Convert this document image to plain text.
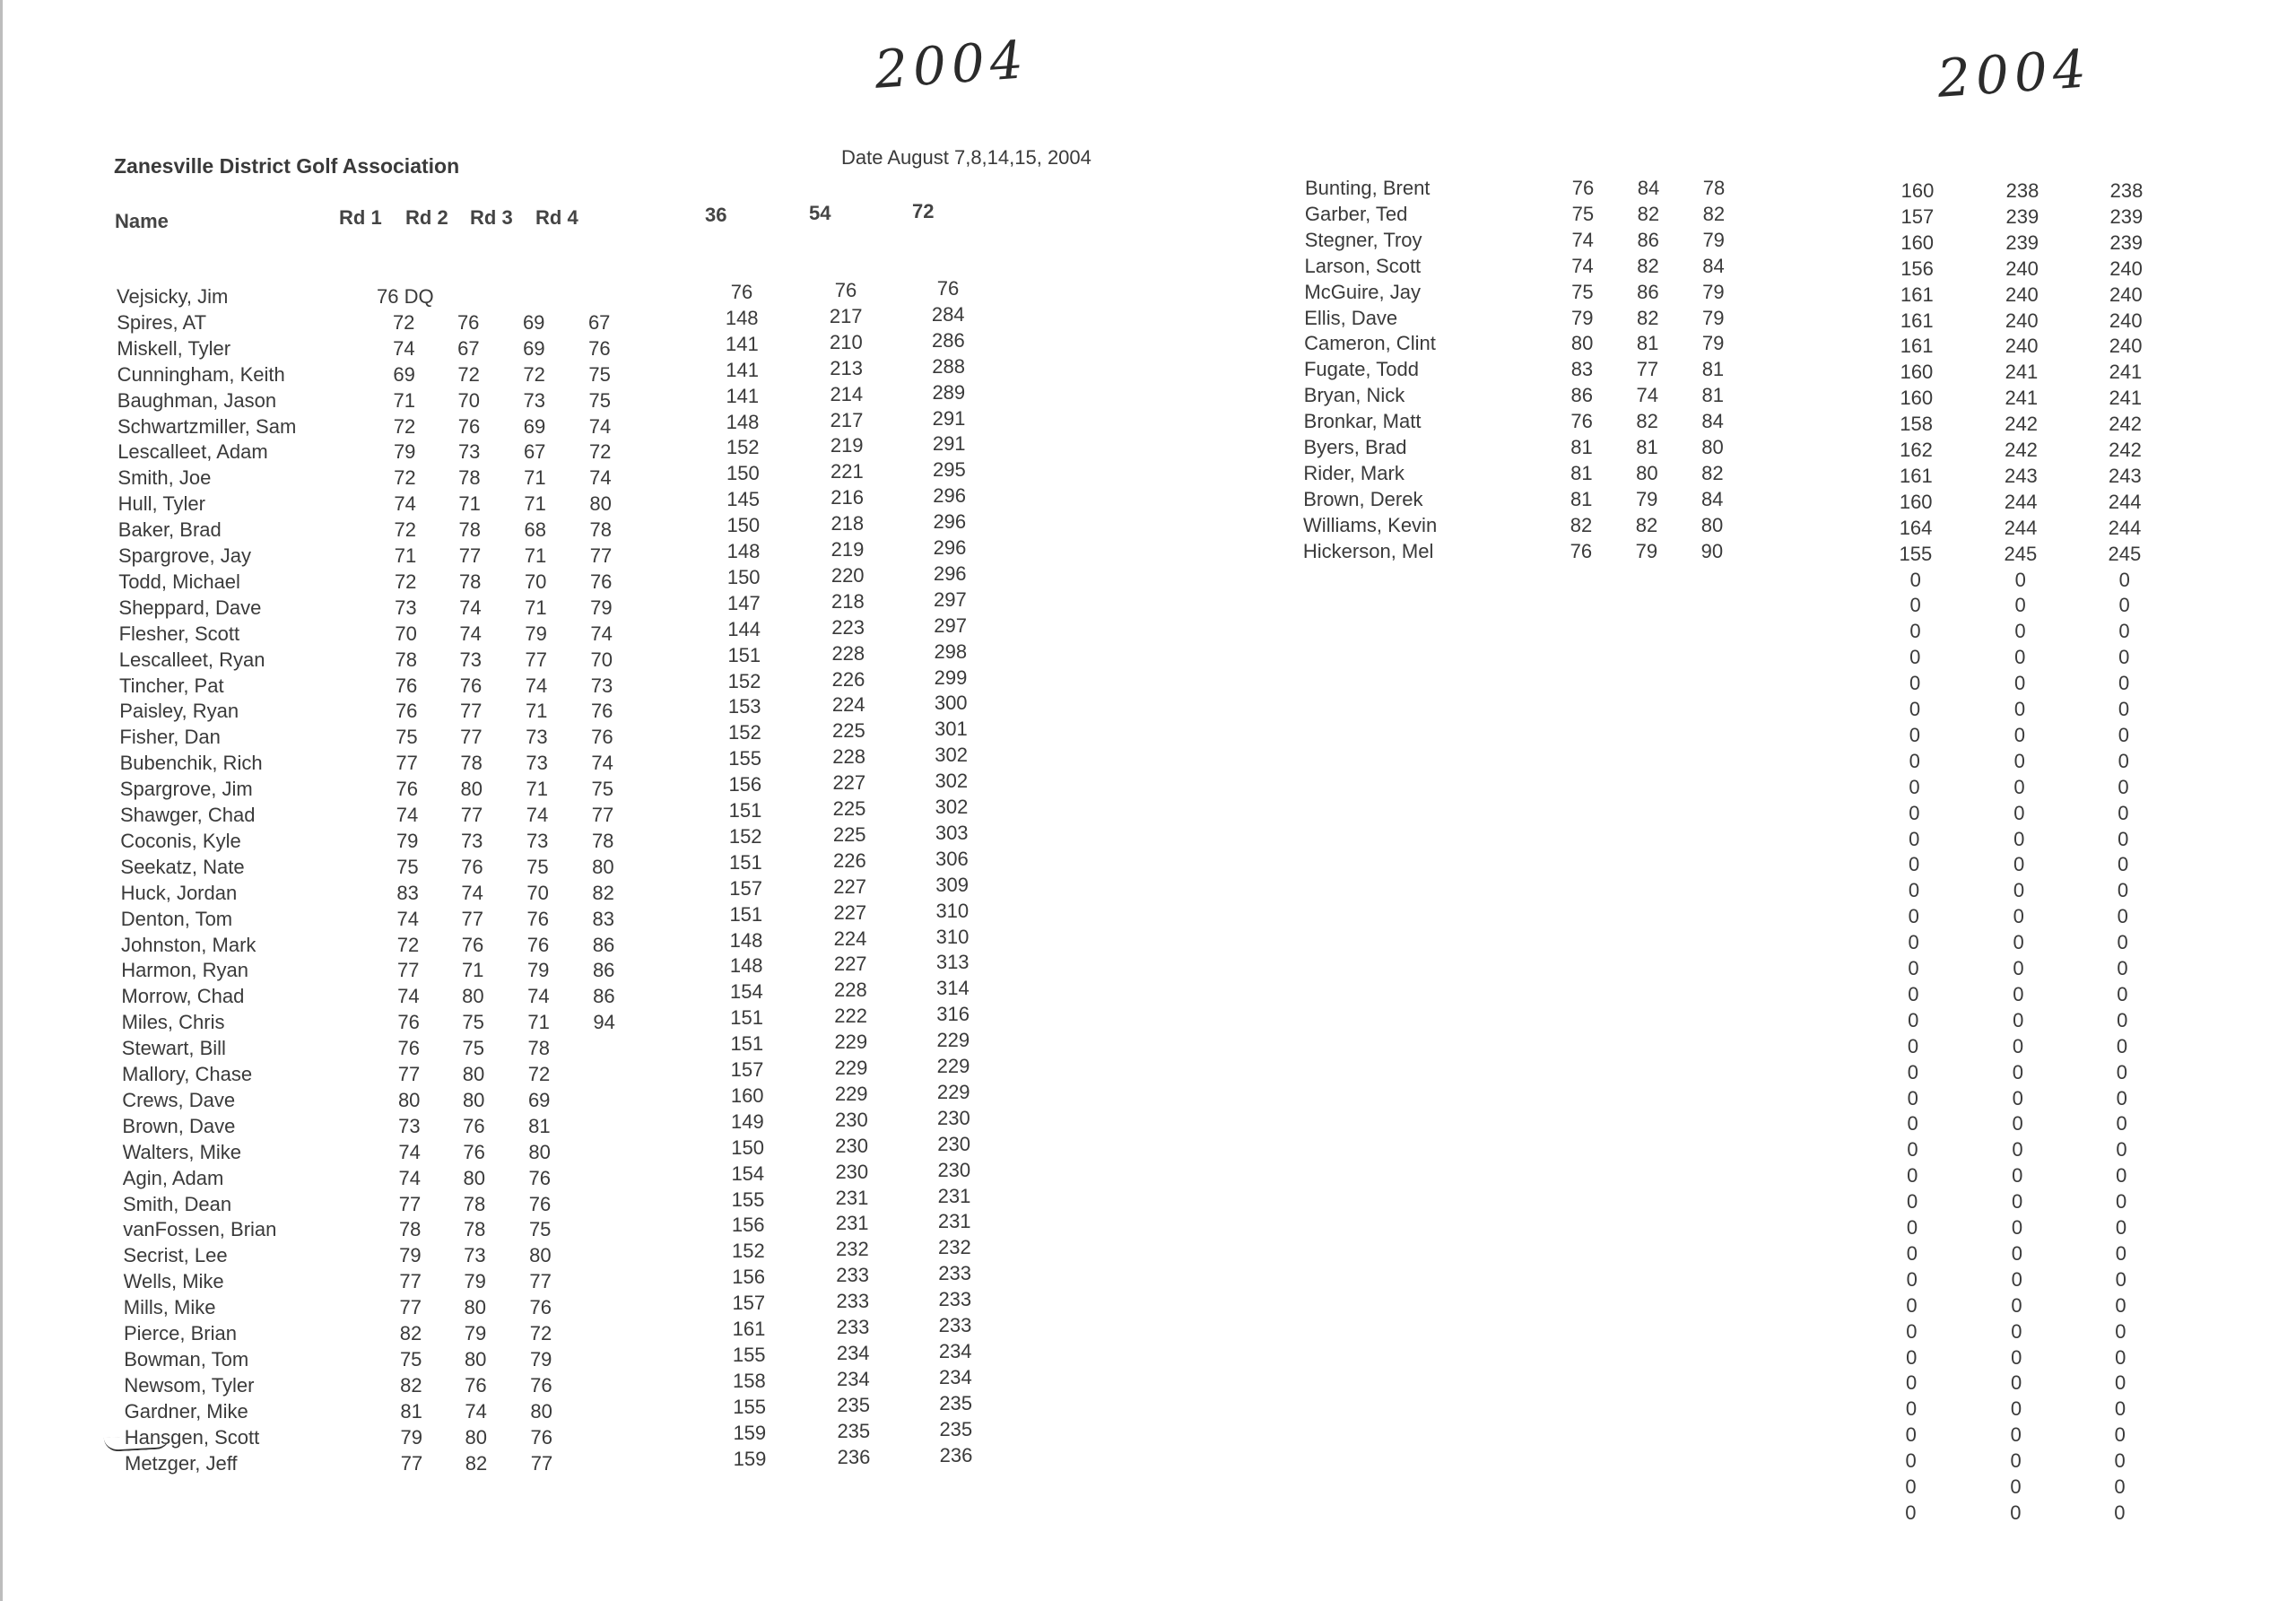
2004	2004
Zanesville District Golf Association	Date August 7,8,14,15, 2004
Name	Rd 1 Rd 2 Rd 3 Rd 4	36	54	72
Vejsicky, Jim	76 DQ	76	76	76
Spires, AT	72	76	69	67	148	217	284
Miskell, Tyler	74	67	69	76	141	210	286
Cunningham, Keith	69	72	72	75	141	213	288
Baughman, Jason	71	70	73	75	141	214	289
Schwartzmiller, Sam	72	76	69	74	148	217	291
Lescalleet, Adam	79	73	67	72	152	219	291
Smith, Joe	72	78	71	74	150	221	295
Hull, Tyler	74	71	71	80	145	216	296
Baker, Brad	72	78	68	78	150	218	296
Spargrove, Jay	71	77	71	77	148	219	296
Todd, Michael	72	78	70	76	150	220	296
Sheppard, Dave	73	74	71	79	147	218	297
Flesher, Scott	70	74	79	74	144	223	297
Lescalleet, Ryan	78	73	77	70	151	228	298
Tincher, Pat	76	76	74	73	152	226	299
Paisley, Ryan	76	77	71	76	153	224	300
Fisher, Dan	75	77	73	76	152	225	301
Bubenchik, Rich	77	78	73	74	155	228	302
Spargrove, Jim	76	80	71	75	156	227	302
Shawger, Chad	74	77	74	77	151	225	302
Coconis, Kyle	79	73	73	78	152	225	303
Seekatz, Nate	75	76	75	80	151	226	306
Huck, Jordan	83	74	70	82	157	227	309
Denton, Tom	74	77	76	83	151	227	310
Johnston, Mark	72	76	76	86	148	224	310
Harmon, Ryan	77	71	79	86	148	227	313
Morrow, Chad	74	80	74	86	154	228	314
Miles, Chris	76	75	71	94	151	222	316
Stewart, Bill	76	75	78	151	229	229
Mallory, Chase	77	80	72	157	229	229
Crews, Dave	80	80	69	160	229	229
Brown, Dave	73	76	81	149	230	230
Walters, Mike	74	76	80	150	230	230
Agin, Adam	74	80	76	154	230	230
Smith, Dean	77	78	76	155	231	231
vanFossen, Brian	78	78	75	156	231	231
Secrist, Lee	79	73	80	152	232	232
Wells, Mike	77	79	77	156	233	233
Mills, Mike	77	80	76	157	233	233
Pierce, Brian	82	79	72	161	233	233
Bowman, Tom	75	80	79	155	234	234
Newsom, Tyler	82	76	76	158	234	234
Gardner, Mike	81	74	80	155	235	235
Hansgen, Scott	79	80	76	159	235	235
Metzger, Jeff	77	82	77	159	236	236
Bunting, Brent	76	84	78	160	238	238
Garber, Ted	75	82	82	157	239	239
Stegner, Troy	74	86	79	160	239	239
Larson, Scott	74	82	84	156	240	240
McGuire, Jay	75	86	79	161	240	240
Ellis, Dave	79	82	79	161	240	240
Cameron, Clint	80	81	79	161	240	240
Fugate, Todd	83	77	81	160	241	241
Bryan, Nick	86	74	81	160	241	241
Bronkar, Matt	76	82	84	158	242	242
Byers, Brad	81	81	80	162	242	242
Rider, Mark	81	80	82	161	243	243
Brown, Derek	81	79	84	160	244	244
Williams, Kevin	82	82	80	164	244	244
Hickerson, Mel	76	79	90	155	245	245
0	0	0
0	0	0
0	0	0
0	0	0
0	0	0
0	0	0
0	0	0
0	0	0
0	0	0
0	0	0
0	0	0
0	0	0
0	0	0
0	0	0
0	0	0
0	0	0
0	0	0
0	0	0
0	0	0
0	0	0
0	0	0
0	0	0
0	0	0
0	0	0
0	0	0
0	0	0
0	0	0
0	0	0
0	0	0
0	0	0
0	0	0
0	0	0
0	0	0
0	0	0
0	0	0
0	0	0
0	0	0
